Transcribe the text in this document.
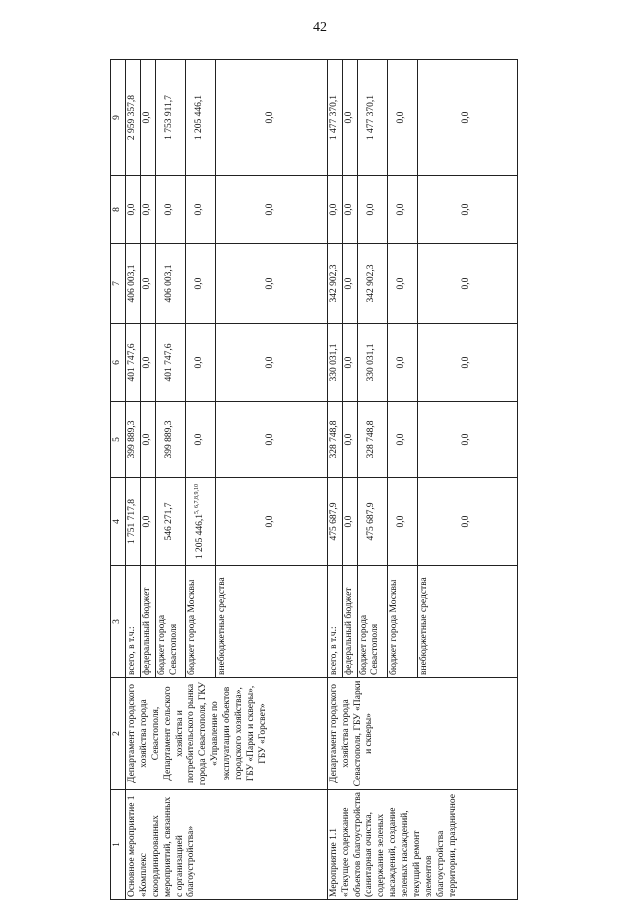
42
1	2	3	4	5	6	7	8	9
Основное мероприятие 1 «Комплекс скоординированных мероприятий, связанных с организацией благоустройства»	Департамент городского хозяйства города Севастополя, Департамент сельского хозяйства и потребительского рынка города Севастополя, ГКУ «Управление по эксплуатации объектов городского хозяйства», ГБУ «Парки и скверы», ГБУ «Горсвет»	всего, в т.ч.:	1 751 717,8	399 889,3	401 747,6	406 003,1	0,0	2 959 357,8
		федеральный бюджет	0,0	0,0	0,0	0,0	0,0	0,0
		бюджет города Севастополя	546 271,7	399 889,3	401 747,6	406 003,1	0,0	1 753 911,7
		бюджет города Москвы	1 205 446,1$^{5, 6,7,8,9,10}$	0,0	0,0	0,0	0,0	1 205 446,1
		внебюджетные средства	0,0	0,0	0,0	0,0	0,0	0,0
Мероприятие 1.1 «Текущее содержание объектов благоустройства (санитарная очистка, содержание зеленых насаждений, создание зеленых насаждений, текущий ремонт элементов благоустройства территории, праздничное	Департамент городского хозяйства города Севастополя, ГБУ «Парки и скверы»	всего, в т.ч.:	475 687,9	328 748,8	330 031,1	342 902,3	0,0	1 477 370,1
		федеральный бюджет	0,0	0,0	0,0	0,0	0,0	0,0
		бюджет города Севастополя	475 687,9	328 748,8	330 031,1	342 902,3	0,0	1 477 370,1
		бюджет города Москвы	0,0	0,0	0,0	0,0	0,0	0,0
		внебюджетные средства	0,0	0,0	0,0	0,0	0,0	0,0
